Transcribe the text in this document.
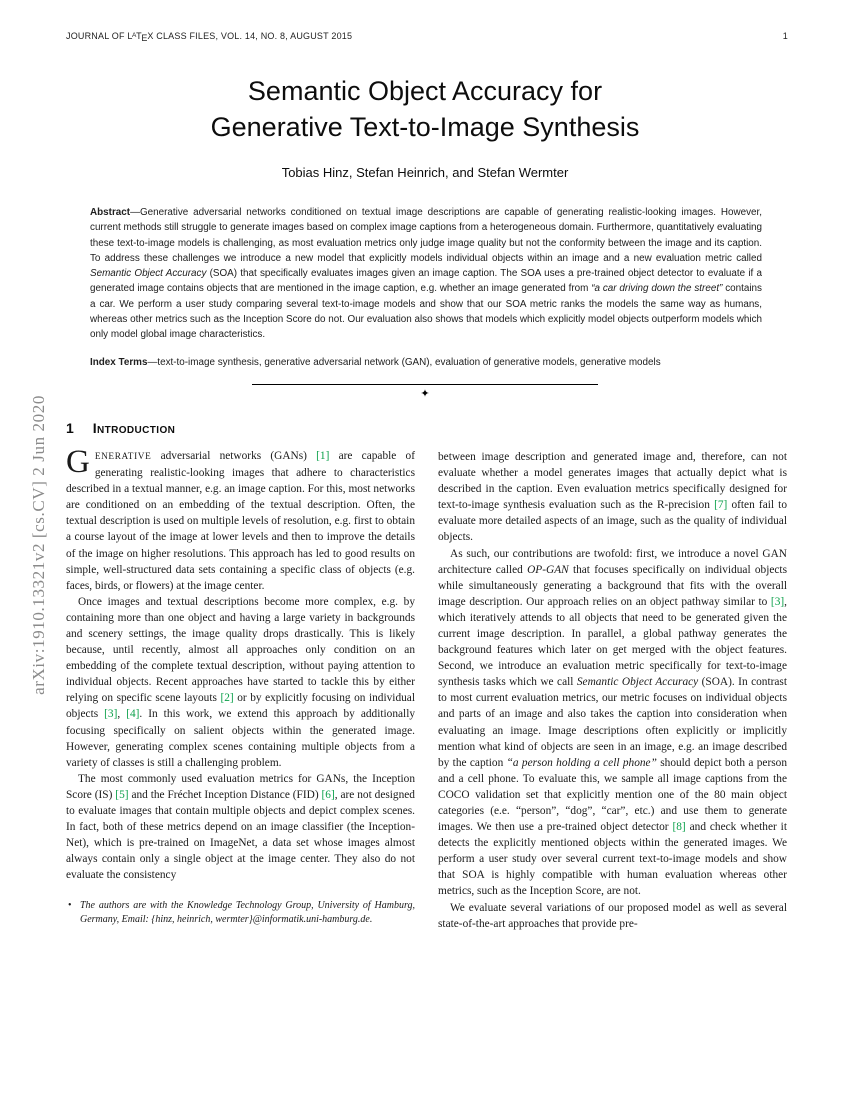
arXiv:1910.13321v2 [cs.CV] 2 Jun 2020
JOURNAL OF $L^ATEX$ CLASS FILES, VOL. 14, NO. 8, AUGUST 2015	1
Semantic Object Accuracy for
Generative Text-to-Image Synthesis
Tobias Hinz, Stefan Heinrich, and Stefan Wermter

Abstract—Generative adversarial networks conditioned on textual image descriptions are capable of generating realistic-looking images. However, current methods still struggle to generate images based on complex image captions from a heterogeneous domain. Furthermore, quantitatively evaluating these text-to-image models is challenging, as most evaluation metrics only judge image quality but not the conformity between the image and its caption. To address these challenges we introduce a new model that explicitly models individual objects within an image and a new evaluation metric called Semantic Object Accuracy (SOA) that specifically evaluates images given an image caption. The SOA uses a pre-trained object detector to evaluate if a generated image contains objects that are mentioned in the image caption, e.g. whether an image generated from “a car driving down the street” contains a car. We perform a user study comparing several text-to-image models and show that our SOA metric ranks the models the same way as humans, whereas other metrics such as the Inception Score do not. Our evaluation also shows that models which explicitly model objects outperform models which only model global image characteristics.

Index Terms—text-to-image synthesis, generative adversarial network (GAN), evaluation of generative models, generative models

✦
1 Introduction

GENERATIVE adversarial networks (GANs) [1] are capable of generating realistic-looking images that adhere to characteristics described in a textual manner, e.g. an image caption. For this, most networks are conditioned on an embedding of the textual description. Often, the textual description is used on multiple levels of resolution, e.g. first to obtain a course layout of the image at lower levels and then to improve the details of the image on higher resolutions. This approach has led to good results on simple, well-structured data sets containing a specific class of objects (e.g. faces, birds, or flowers) at the image center.

Once images and textual descriptions become more complex, e.g. by containing more than one object and having a large variety in backgrounds and scenery settings, the image quality drops drastically. This is likely because, until recently, almost all approaches only condition on an embedding of the complete textual description, without paying attention to individual objects. Recent approaches have started to tackle this by either relying on specific scene layouts [2] or by explicitly focusing on individual objects [3], [4]. In this work, we extend this approach by additionally focusing specifically on salient objects within the generated image. However, generating complex scenes containing multiple objects from a variety of classes is still a challenging problem.

The most commonly used evaluation metrics for GANs, the Inception Score (IS) [5] and the Fréchet Inception Distance (FID) [6], are not designed to evaluate images that contain multiple objects and depict complex scenes. In fact, both of these metrics depend on an image classifier (the Inception-Net), which is pre-trained on ImageNet, a data set whose images almost always contain only a single object at the image center. They also do not evaluate the consistency

• The authors are with the Knowledge Technology Group, University of Hamburg, Germany, Email: {hinz, heinrich, wermter}@informatik.uni-hamburg.de.

between image description and generated image and, therefore, can not evaluate whether a model generates images that actually depict what is described in the caption. Even evaluation metrics specifically designed for text-to-image synthesis evaluation such as the R-precision [7] often fail to evaluate more detailed aspects of an image, such as the quality of individual objects.

As such, our contributions are twofold: first, we introduce a novel GAN architecture called OP-GAN that focuses specifically on individual objects while simultaneously generating a background that fits with the overall image description. Our approach relies on an object pathway similar to [3], which iteratively attends to all objects that need to be generated given the current image description. In parallel, a global pathway generates the background features which later on get merged with the object features. Second, we introduce an evaluation metric specifically for text-to-image synthesis tasks which we call Semantic Object Accuracy (SOA). In contrast to most current evaluation metrics, our metric focuses on individual objects and parts of an image and also takes the caption into consideration when evaluating an image. Image descriptions often explicitly or implicitly mention what kind of objects are seen in an image, e.g. an image described by the caption “a person holding a cell phone” should depict both a person and a cell phone. To evaluate this, we sample all image captions from the COCO validation set that explicitly mention one of the 80 main object categories (e.e. “person”, “dog”, “car”, etc.) and use them to generate images. We then use a pre-trained object detector [8] and check whether it detects the explicitly mentioned objects within the generated images. We perform a user study over several current text-to-image models and show that SOA is highly compatible with human evaluation whereas other metrics, such as the Inception Score, are not.

We evaluate several variations of our proposed model as well as several state-of-the-art approaches that provide pre-
